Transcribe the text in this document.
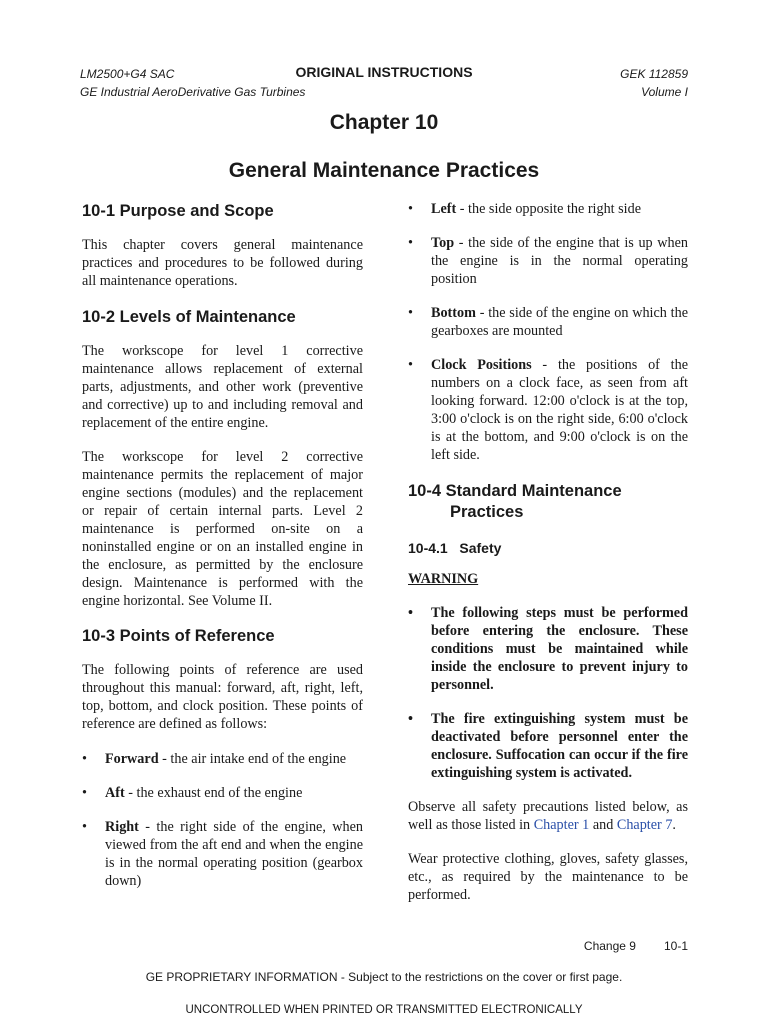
LM2500+G4 SAC
GE Industrial AeroDerivative Gas Turbines
ORIGINAL INSTRUCTIONS	GEK 112859
Volume I
Chapter 10
General Maintenance Practices
10-1 Purpose and Scope

This chapter covers general maintenance practices and procedures to be followed during all maintenance operations.

10-2 Levels of Maintenance

The workscope for level 1 corrective maintenance allows replacement of external parts, adjustments, and other work (preventive and corrective) up to and including removal and replacement of the entire engine.

The workscope for level 2 corrective maintenance permits the replacement of major engine sections (modules) and the replacement or repair of certain internal parts. Level 2 maintenance is performed on-site on a noninstalled engine or on an installed engine in the enclosure, as permitted by the enclosure design. Maintenance is performed with the engine horizontal. See Volume II.

10-3 Points of Reference

The following points of reference are used throughout this manual: forward, aft, right, left, top, bottom, and clock position. These points of reference are defined as follows:

• Forward - the air intake end of the engine
• Aft - the exhaust end of the engine
• Right - the right side of the engine, when viewed from the aft end and when the engine is in the normal operating position (gearbox down)
• Left - the side opposite the right side
• Top - the side of the engine that is up when the engine is in the normal operating position
• Bottom - the side of the engine on which the gearboxes are mounted
• Clock Positions - the positions of the numbers on a clock face, as seen from aft looking forward. 12:00 o'clock is at the top, 3:00 o'clock is on the right side, 6:00 o'clock is at the bottom, and 9:00 o'clock is on the left side.
10-4 Standard Maintenance
Practices
10-4.1 Safety
WARNING
• The following steps must be performed before entering the enclosure. These conditions must be maintained while inside the enclosure to prevent injury to personnel.
• The fire extinguishing system must be deactivated before personnel enter the enclosure. Suffocation can occur if the fire extinguishing system is activated.

Observe all safety precautions listed below, as well as those listed in Chapter 1 and Chapter 7.

Wear protective clothing, gloves, safety glasses, etc., as required by the maintenance to be performed.

Change 9 10-1
GE PROPRIETARY INFORMATION - Subject to the restrictions on the cover or first page.
UNCONTROLLED WHEN PRINTED OR TRANSMITTED ELECTRONICALLY
